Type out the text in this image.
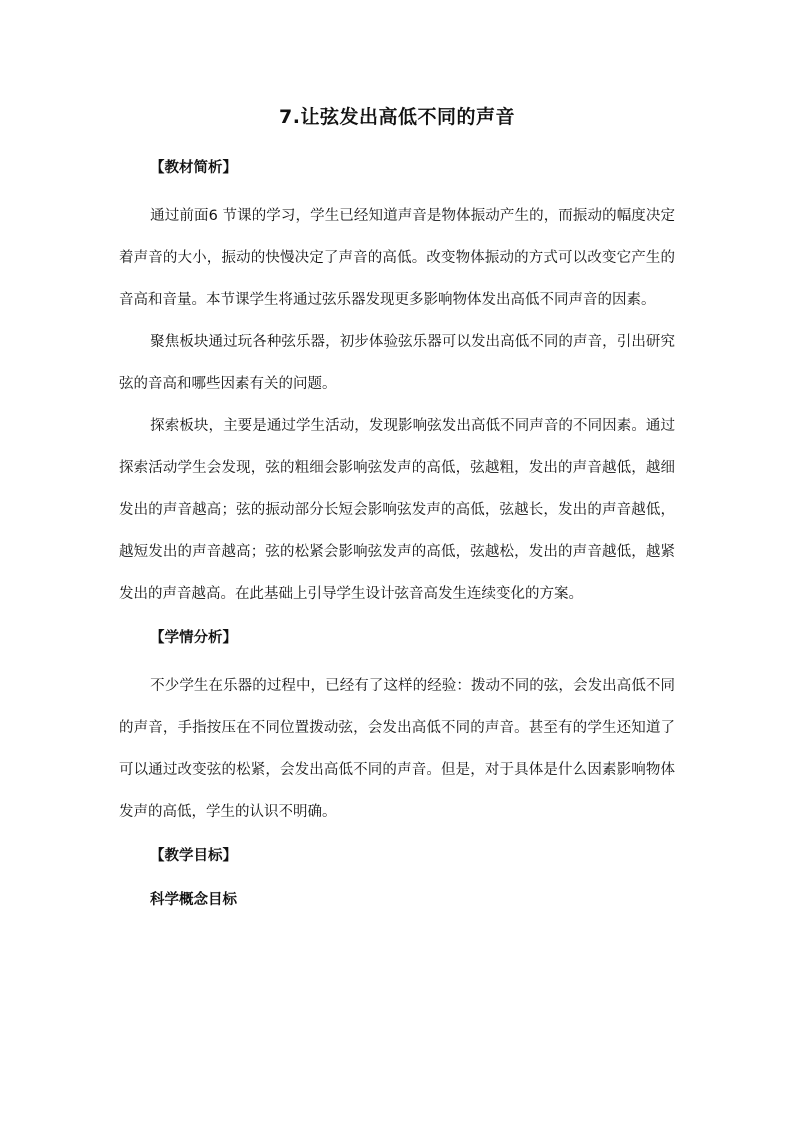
7.让弦发出高低不同的声音
【教材简析】

通过前面6 节课的学习，学生已经知道声音是物体振动产生的，而振动的幅度决定着声音的大小，振动的快慢决定了声音的高低。改变物体振动的方式可以改变它产生的音高和音量。本节课学生将通过弦乐器发现更多影响物体发出高低不同声音的因素。

聚焦板块通过玩各种弦乐器，初步体验弦乐器可以发出高低不同的声音，引出研究弦的音高和哪些因素有关的问题。

探索板块，主要是通过学生活动，发现影响弦发出高低不同声音的不同因素。通过探索活动学生会发现，弦的粗细会影响弦发声的高低，弦越粗，发出的声音越低，越细发出的声音越高；弦的振动部分长短会影响弦发声的高低，弦越长，发出的声音越低，越短发出的声音越高；弦的松紧会影响弦发声的高低，弦越松，发出的声音越低，越紧发出的声音越高。在此基础上引导学生设计弦音高发生连续变化的方案。

【学情分析】

不少学生在乐器的过程中，已经有了这样的经验：拨动不同的弦，会发出高低不同的声音，手指按压在不同位置拨动弦，会发出高低不同的声音。甚至有的学生还知道了可以通过改变弦的松紧，会发出高低不同的声音。但是，对于具体是什么因素影响物体发声的高低，学生的认识不明确。

【教学目标】
科学概念目标
